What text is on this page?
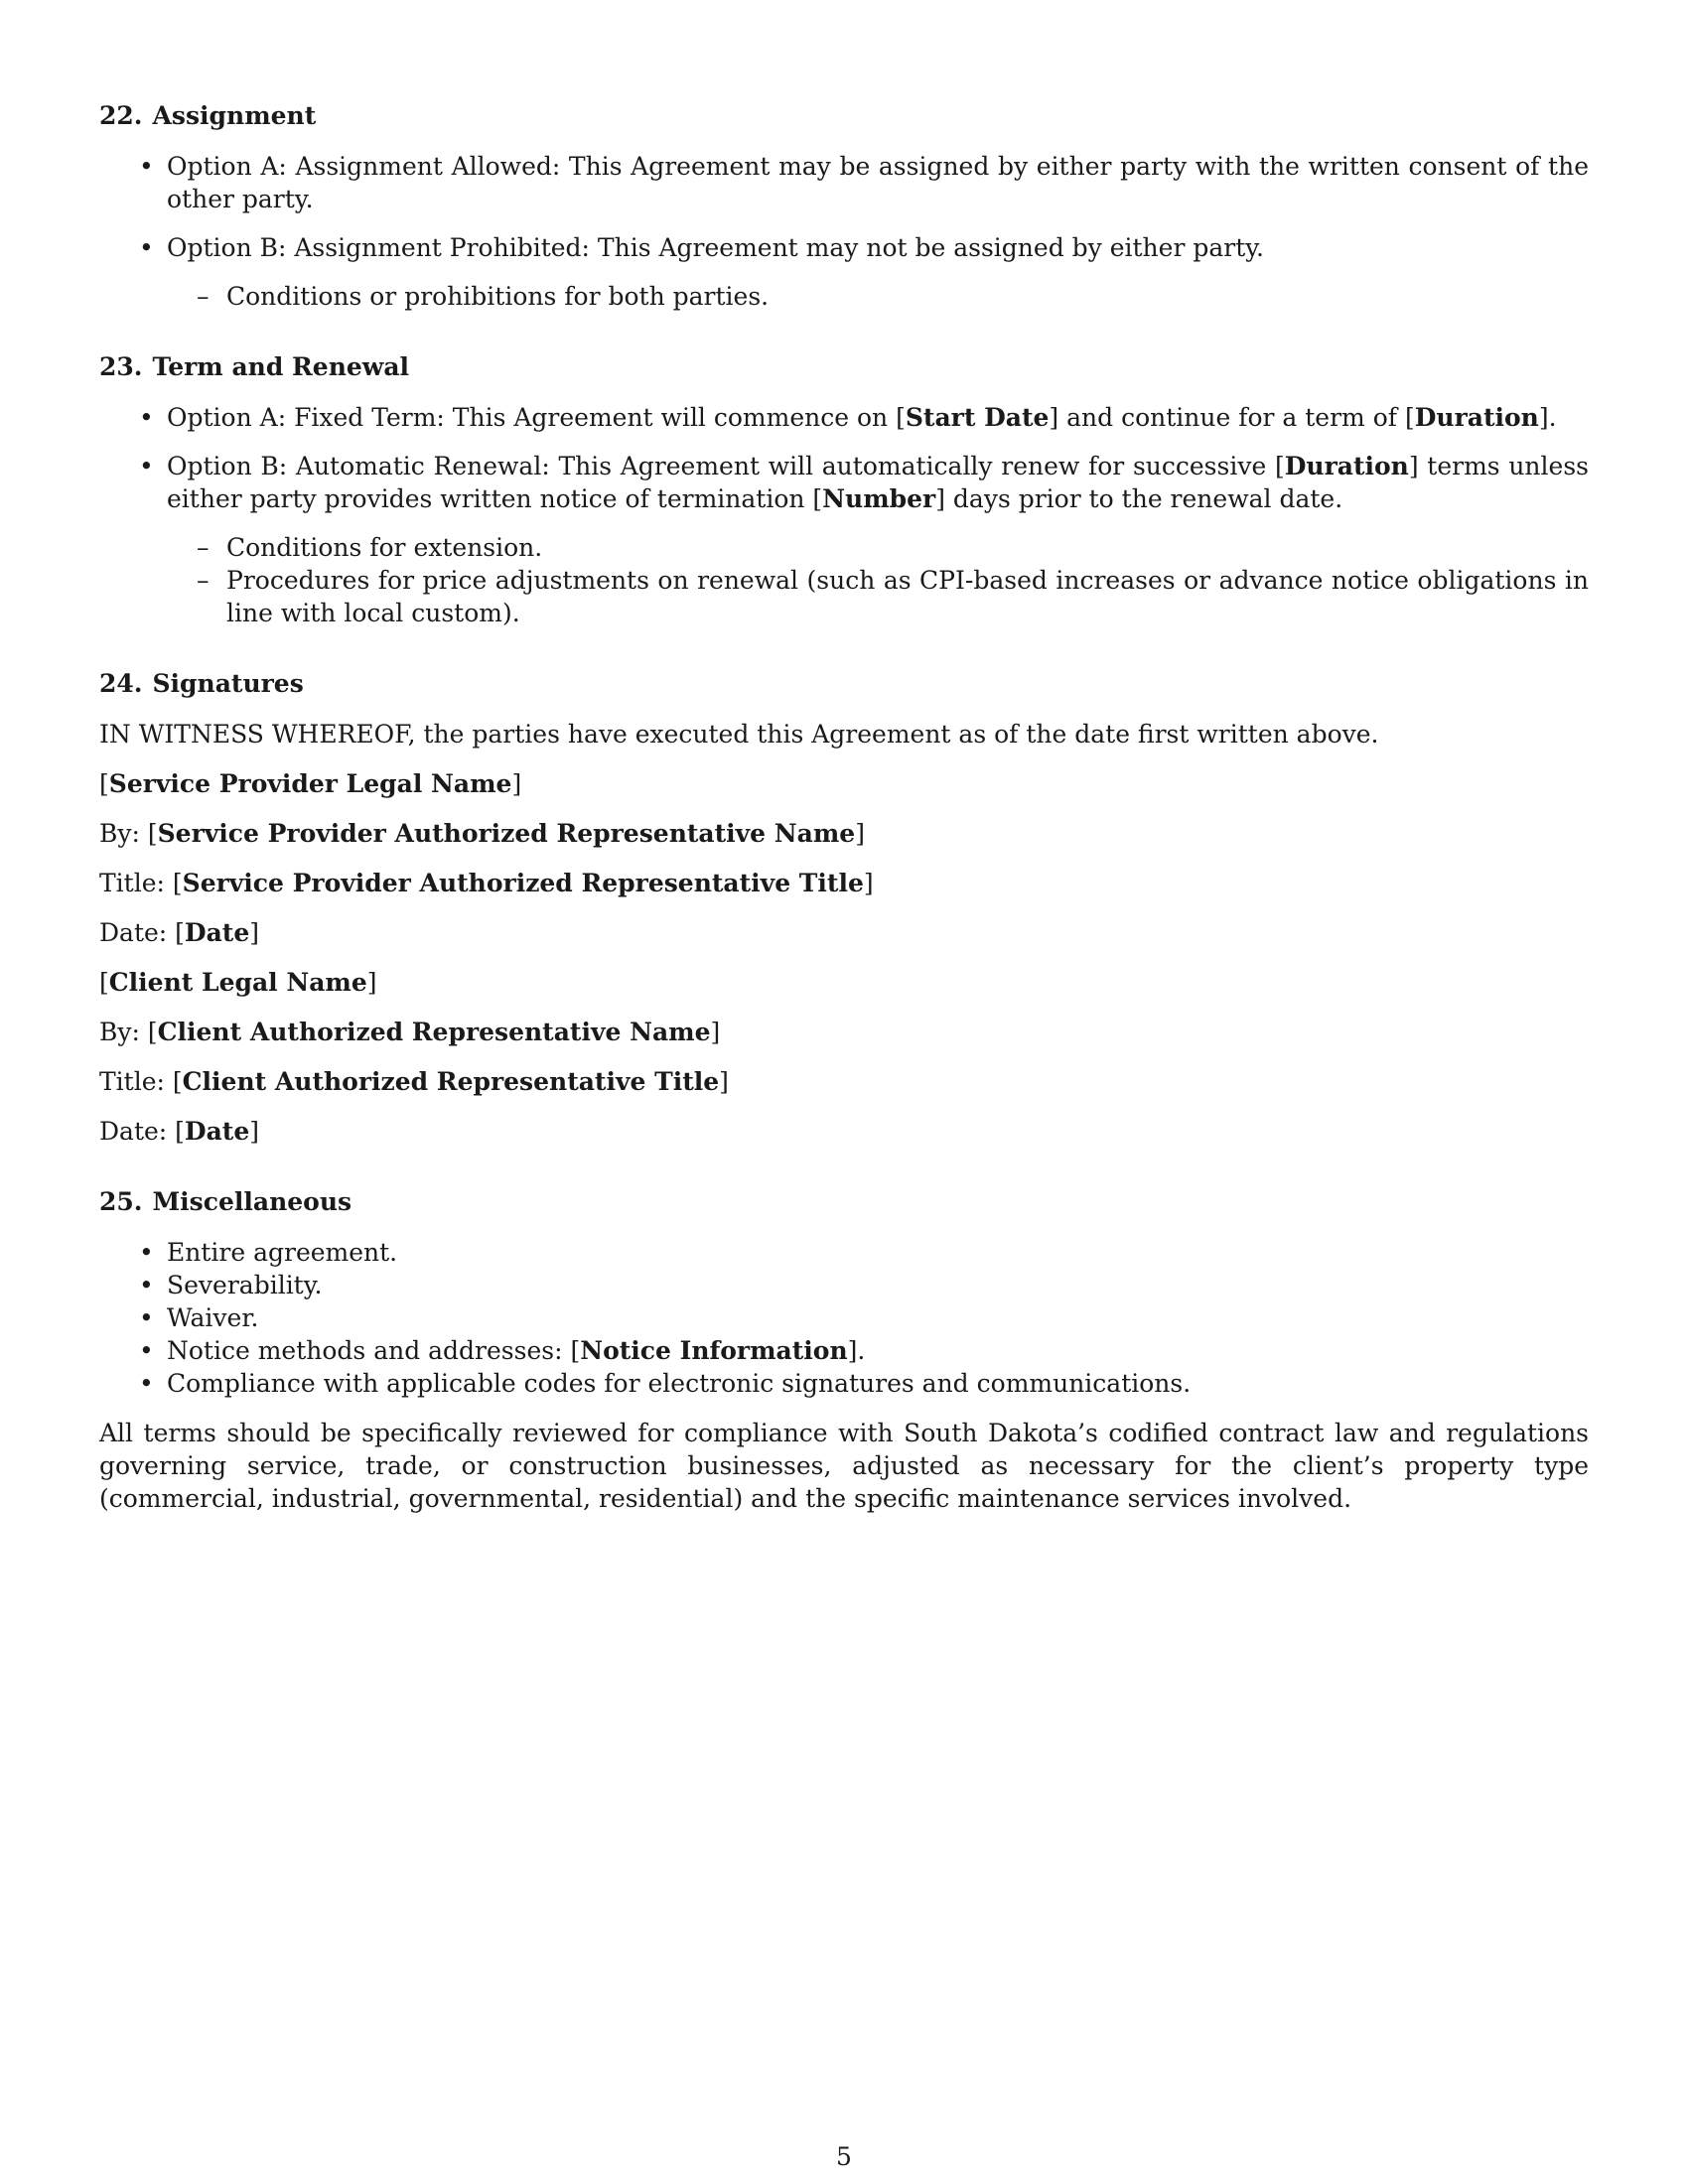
22. Assignment
• Option A: Assignment Allowed: This Agreement may be assigned by either party with the written consent of the other party.
• Option B: Assignment Prohibited: This Agreement may not be assigned by either party.
– Conditions or prohibitions for both parties.
23. Term and Renewal
• Option A: Fixed Term: This Agreement will commence on [Start Date] and continue for a term of [Duration].
• Option B: Automatic Renewal: This Agreement will automatically renew for successive [Duration] terms unless either party provides written notice of termination [Number] days prior to the renewal date.
– Conditions for extension.
– Procedures for price adjustments on renewal (such as CPI-based increases or advance notice obligations in line with local custom).
24. Signatures

IN WITNESS WHEREOF, the parties have executed this Agreement as of the date first written above.

[Service Provider Legal Name]

By: [Service Provider Authorized Representative Name]

Title: [Service Provider Authorized Representative Title]

Date: [Date]

[Client Legal Name]

By: [Client Authorized Representative Name]

Title: [Client Authorized Representative Title]

Date: [Date]

25. Miscellaneous
• Entire agreement.
• Severability.
• Waiver.
• Notice methods and addresses: [Notice Information].
• Compliance with applicable codes for electronic signatures and communications.

All terms should be specifically reviewed for compliance with South Dakota’s codified contract law and regulations governing service, trade, or construction businesses, adjusted as necessary for the client’s property type (commercial, industrial, governmental, residential) and the specific maintenance services involved.

5
